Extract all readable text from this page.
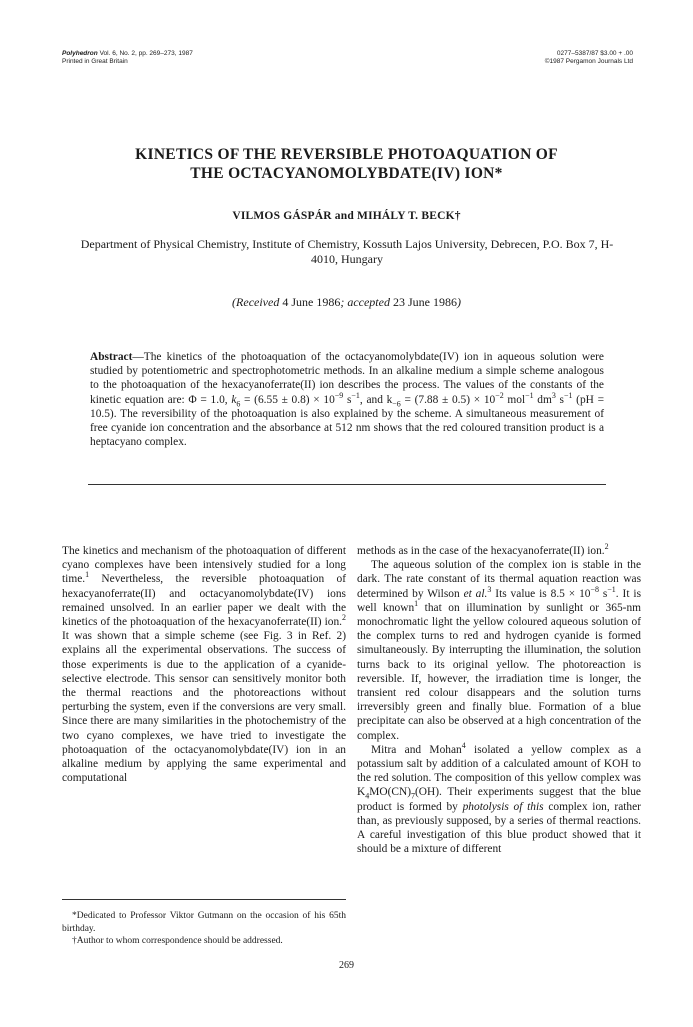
Polyhedron Vol. 6, No. 2, pp. 269–273, 1987
Printed in Great Britain
0277–5387/87 $3.00 + .00
©1987 Pergamon Journals Ltd
KINETICS OF THE REVERSIBLE PHOTOAQUATION OF
THE OCTACYANOMOLYBDATE(IV) ION*
VILMOS GÁSPÁR and MIHÁLY T. BECK†
Department of Physical Chemistry, Institute of Chemistry, Kossuth Lajos University, Debrecen, P.O. Box 7, H-4010, Hungary
(Received 4 June 1986; accepted 23 June 1986)
Abstract—The kinetics of the photoaquation of the octacyanomolybdate(IV) ion in aqueous solution were studied by potentiometric and spectrophotometric methods. In an alkaline medium a simple scheme analogous to the photoaquation of the hexacyanoferrate(II) ion describes the process. The values of the constants of the kinetic equation are: Φ = 1.0, $k_6 = (6.55 \pm 0.8) \times 10^{-9}$ $s^{-1}$, and $k_{-6} = (7.88 \pm 0.5) \times 10^{-2}$ mol$^{-1}$ $dm^3$ $s^{-1}$ (pH = 10.5). The reversibility of the photoaquation is also explained by the scheme. A simultaneous measurement of free cyanide ion concentration and the absorbance at 512 nm shows that the red coloured transition product is a heptacyano complex.

The kinetics and mechanism of the photoaquation of different cyano complexes have been intensively studied for a long time.$^1$ Nevertheless, the reversible photoaquation of hexacyanoferrate(II) and octacyanomolybdate(IV) ions remained unsolved. In an earlier paper we dealt with the kinetics of the photoaquation of the hexacyanoferrate(II) ion.$^2$ It was shown that a simple scheme (see Fig. 3 in Ref. 2) explains all the experimental observations. The success of those experiments is due to the application of a cyanide-selective electrode. This sensor can sensitively monitor both the thermal reactions and the photoreactions without perturbing the system, even if the conversions are very small. Since there are many similarities in the photochemistry of the two cyano complexes, we have tried to investigate the photoaquation of the octacyanomolybdate(IV) ion in an alkaline medium by applying the same experimental and computational

methods as in the case of the hexacyanoferrate(II) ion.$^2$

The aqueous solution of the complex ion is stable in the dark. The rate constant of its thermal aquation reaction was determined by Wilson et al.$^3$ Its value is $8.5 \times 10^{-8}$ $s^{-1}$. It is well known$^1$ that on illumination by sunlight or 365-nm monochromatic light the yellow coloured aqueous solution of the complex turns to red and hydrogen cyanide is formed simultaneously. By interrupting the illumination, the solution turns back to its original yellow. The photoreaction is reversible. If, however, the irradiation time is longer, the transient red colour disappears and the solution turns irreversibly green and finally blue. Formation of a blue precipitate can also be observed at a high concentration of the complex.

Mitra and Mohan$^4$ isolated a yellow complex as a potassium salt by addition of a calculated amount of KOH to the red solution. The composition of this yellow complex was $K_4MO(CN)_7(OH)$. Their experiments suggest that the blue product is formed by photolysis of this complex ion, rather than, as previously supposed, by a series of thermal reactions. A careful investigation of this blue product showed that it should be a mixture of different

*Dedicated to Professor Viktor Gutmann on the occasion of his 65th birthday.

†Author to whom correspondence should be addressed.

269
